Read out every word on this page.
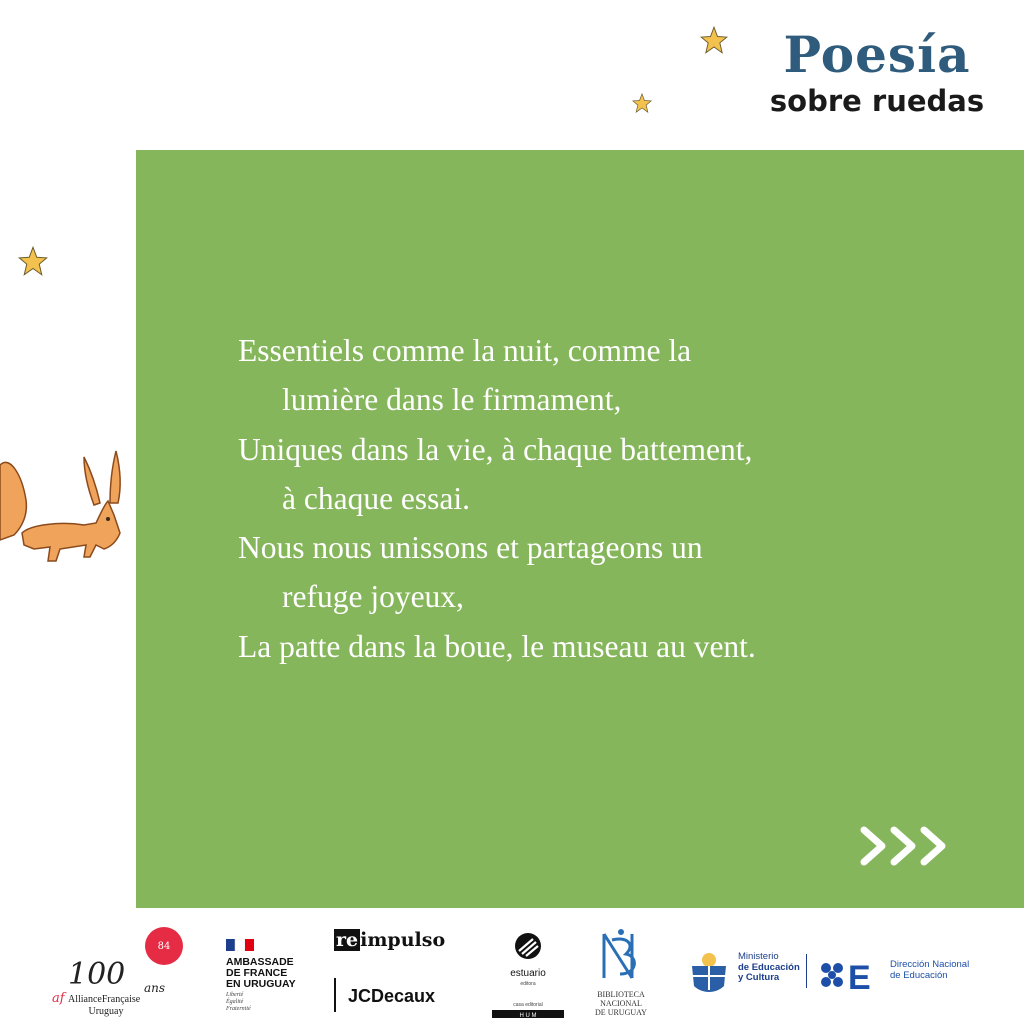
Poesía
sobre ruedas
Essentiels comme la nuit, comme la
lumière dans le firmament,
Uniques dans la vie, à chaque battement,
à chaque essai.
Nous nous unissons et partageons un
refuge joyeux,
La patte dans la boue, le museau au vent.
84
100 ans
af AllianceFrançaise
Uruguay
AMBASSADE
DE FRANCE
EN URUGUAY
Liberté
Égalité
Fraternité
re impulso
JCDecaux
estuario
editora
casa editorial
H U M
BIBLIOTECA
NACIONAL
DE URUGUAY
Ministerio
de Educación
y Cultura	E Dirección Nacional
de Educación
